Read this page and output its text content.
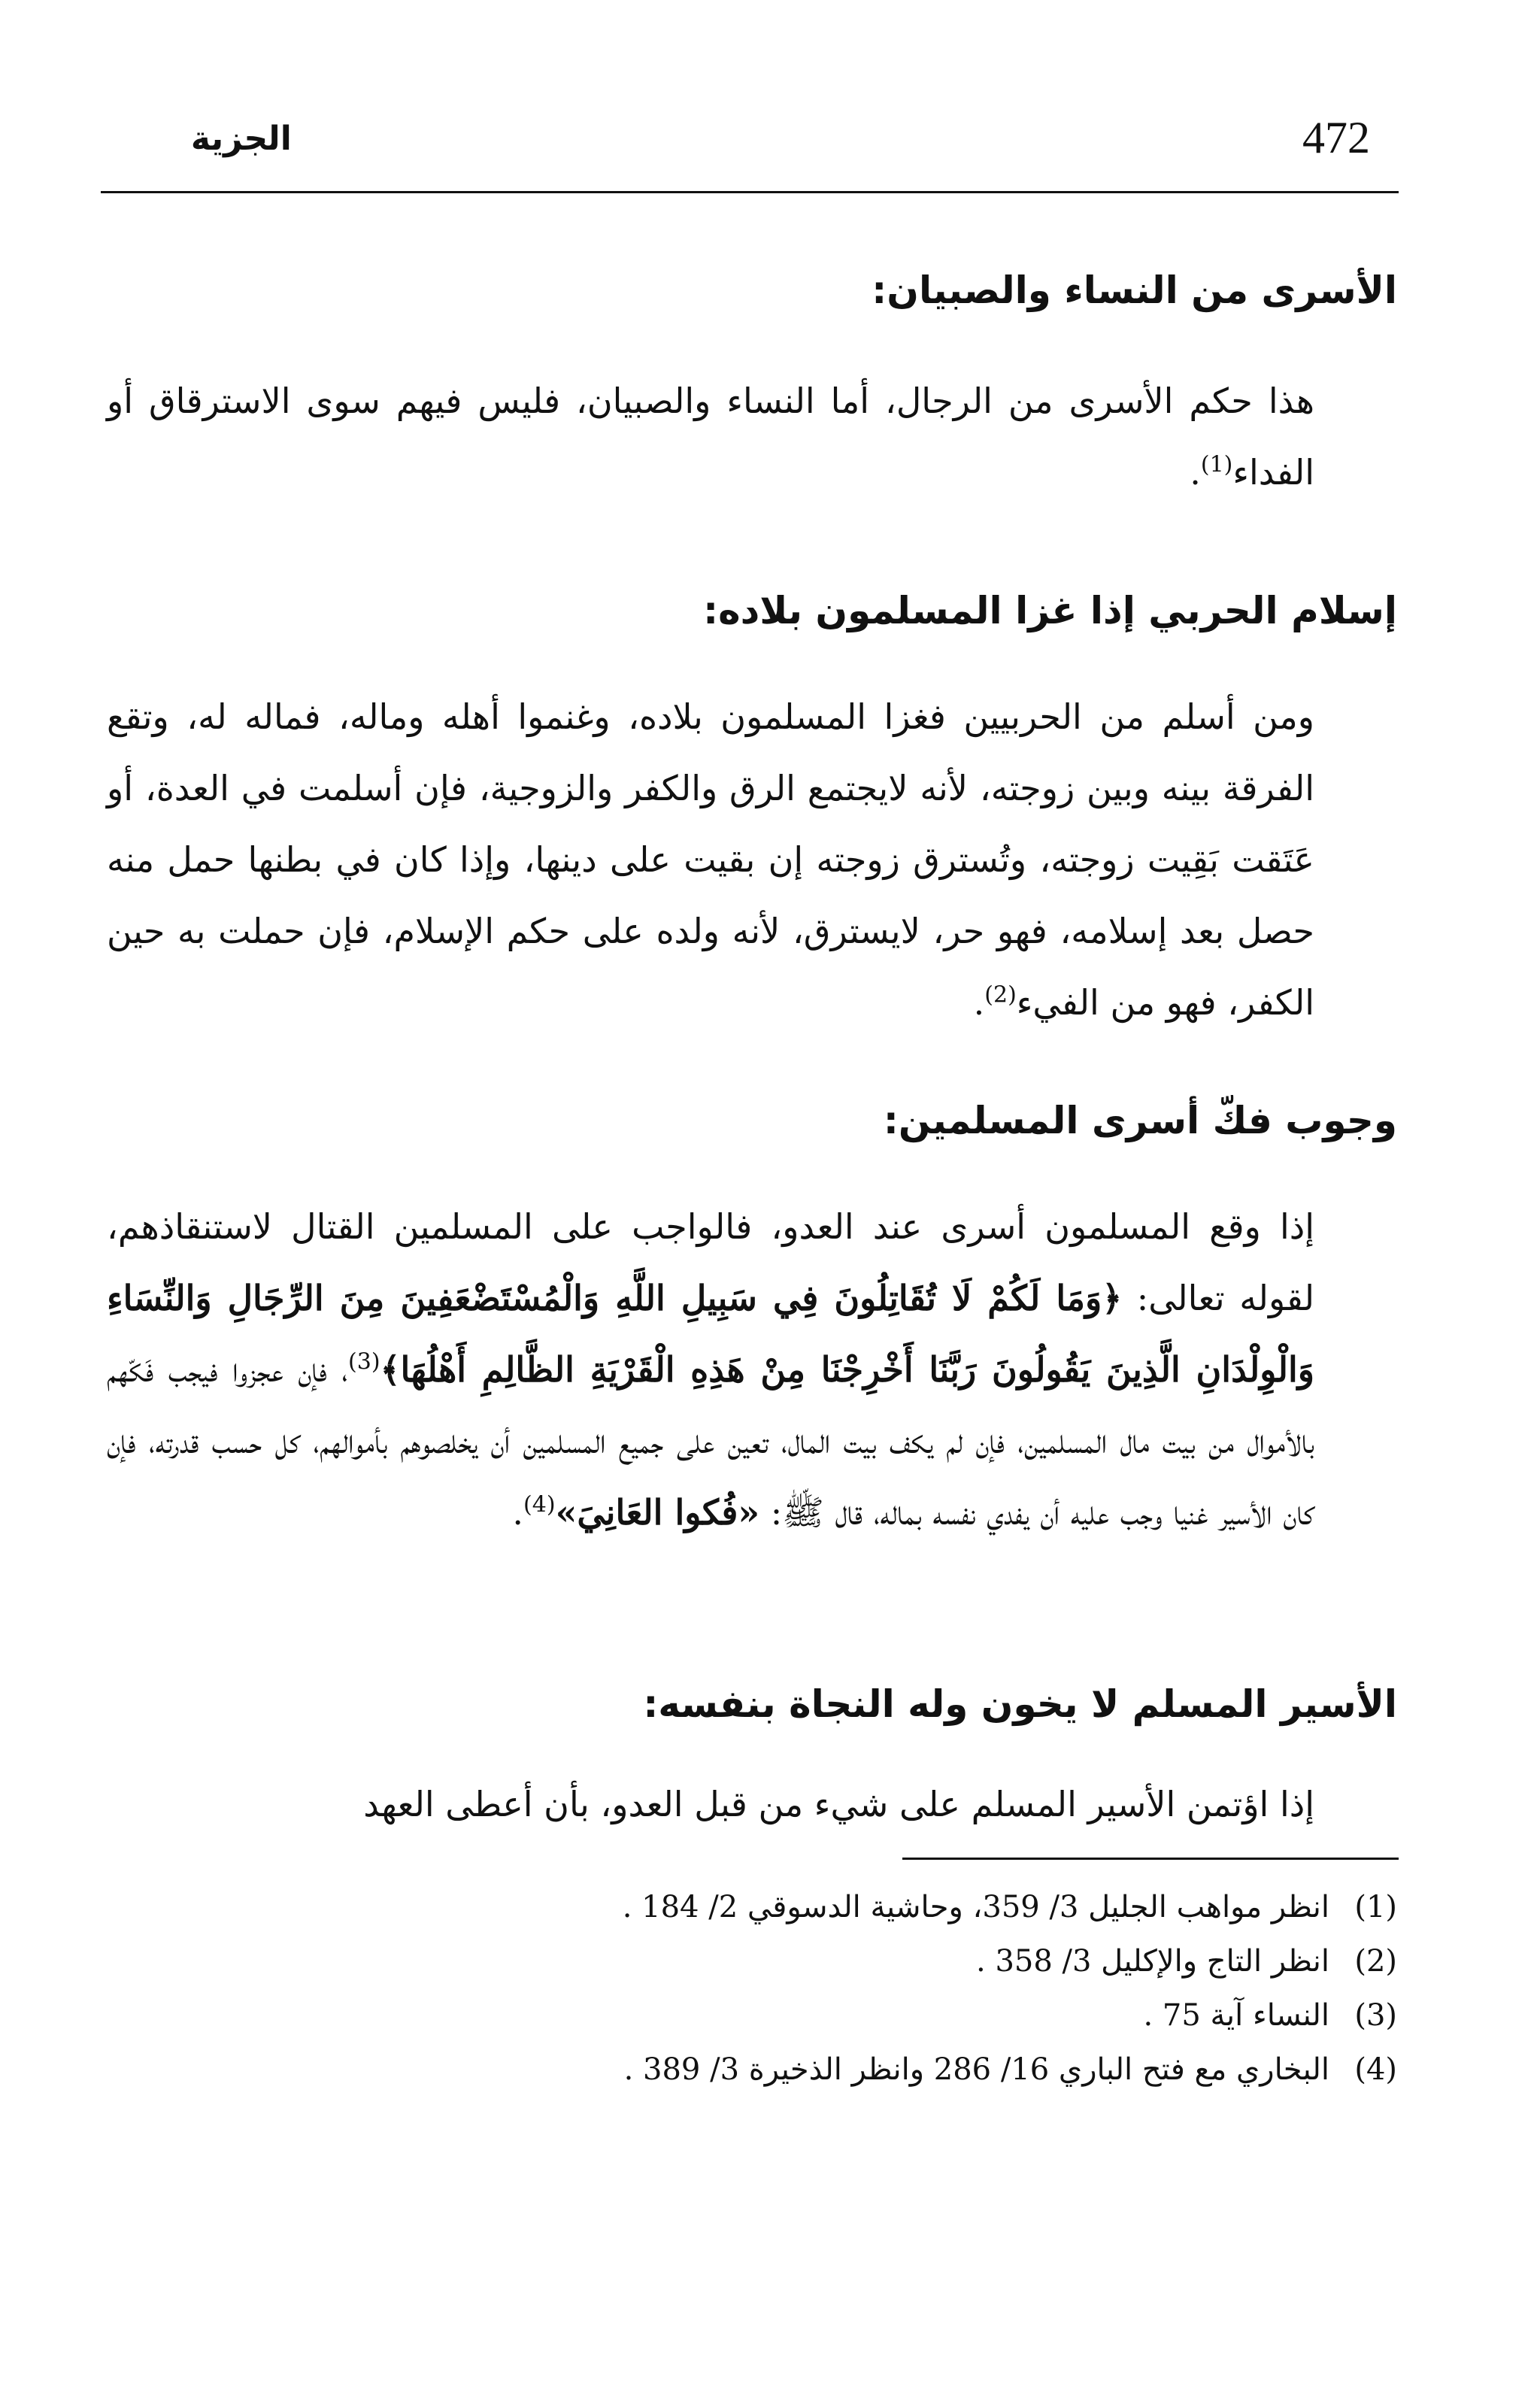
472
الجزية
الأسرى من النساء والصبيان:

هذا حكم الأسرى من الرجال، أما النساء والصبيان، فليس فيهم سوى الاسترقاق أو الفداء$^{(1)}$.

إسلام الحربي إذا غزا المسلمون بلاده:

ومن أسلم من الحربيين فغزا المسلمون بلاده، وغنموا أهله وماله، فماله له، وتقع الفرقة بينه وبين زوجته، لأنه لايجتمع الرق والكفر والزوجية، فإن أسلمت في العدة، أو عَتَقت بَقِيت زوجته، وتُسترق زوجته إن بقيت على دينها، وإذا كان في بطنها حمل منه حصل بعد إسلامه، فهو حر، لايسترق، لأنه ولده على حكم الإسلام، فإن حملت به حين الكفر، فهو من الفيء$^{(2)}$.

وجوب فكّ أسرى المسلمين:

إذا وقع المسلمون أسرى عند العدو، فالواجب على المسلمين القتال لاستنقاذهم، لقوله تعالى: ﴿وَمَا لَكُمْ لَا تُقَاتِلُونَ فِي سَبِيلِ اللَّهِ وَالْمُسْتَضْعَفِينَ مِنَ الرِّجَالِ وَالنِّسَاءِ وَالْوِلْدَانِ الَّذِينَ يَقُولُونَ رَبَّنَا أَخْرِجْنَا مِنْ هَذِهِ الْقَرْيَةِ الظَّالِمِ أَهْلُهَا﴾$^{(3)}$، فإن عجزوا فيجب فَكّهم بالأموال من بيت مال المسلمين، فإن لم يكف بيت المال، تعين على جميع المسلمين أن يخلصوهم بأموالهم، كل حسب قدرته، فإن كان الأسير غنيا وجب عليه أن يفدي نفسه بماله، قال ﷺ: «فُكوا العَانِيَ»$^{(4)}$.

الأسير المسلم لا يخون وله النجاة بنفسه:

إذا اؤتمن الأسير المسلم على شيء من قبل العدو، بأن أعطى العهد

(1)
انظر مواهب الجليل 3/ 359، وحاشية الدسوقي 2/ 184 .
(2)
انظر التاج والإكليل 3/ 358 .
(3)
النساء آية 75 .
(4)
البخاري مع فتح الباري 16/ 286 وانظر الذخيرة 3/ 389 .
